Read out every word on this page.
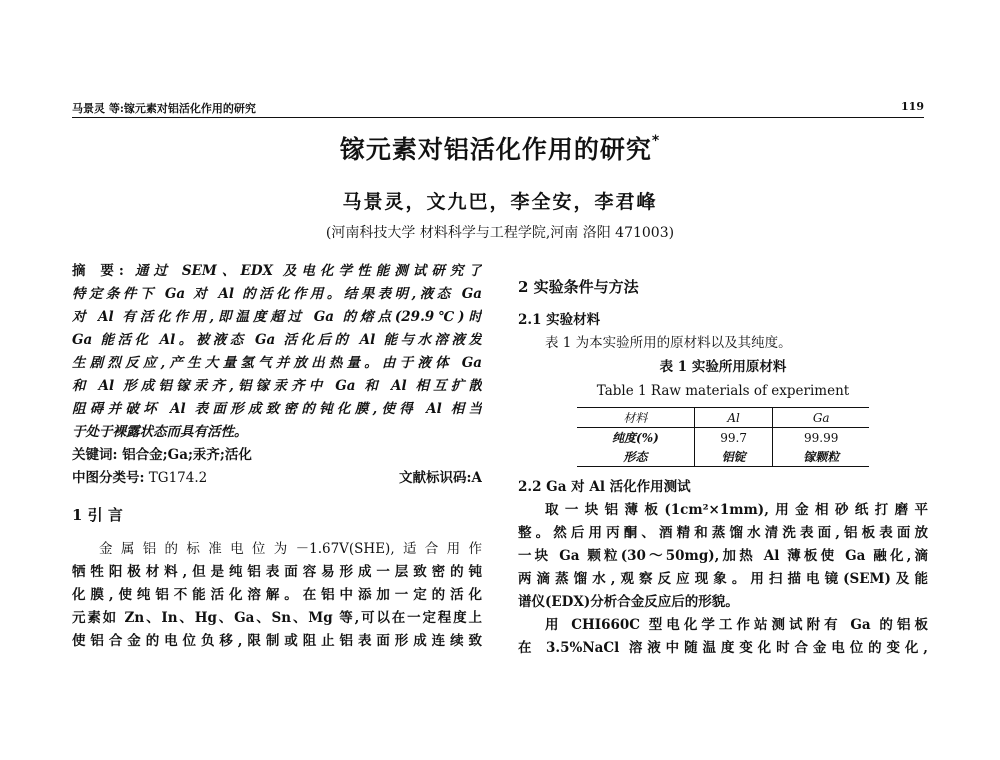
马景灵 等:镓元素对铝活化作用的研究	119
镓元素对铝活化作用的研究*
马景灵，文九巴，李全安，李君峰
(河南科技大学 材料科学与工程学院,河南 洛阳 471003)
摘 要: 通过 SEM、EDX 及电化学性能测试研究了
特定条件下 Ga 对 Al 的活化作用。结果表明,液态 Ga
对 Al 有活化作用,即温度超过 Ga 的熔点(29.9℃)时
Ga 能活化 Al。被液态 Ga 活化后的 Al 能与水溶液发
生剧烈反应,产生大量氢气并放出热量。由于液体 Ga
和 Al 形成铝镓汞齐,铝镓汞齐中 Ga 和 Al 相互扩散
阻碍并破坏 Al 表面形成致密的钝化膜,使得 Al 相当
于处于裸露状态而具有活性。
关键词: 铝合金;Ga;汞齐;活化
中图分类号: TG174.2	文献标识码:A
1 引 言
金属铝的标准电位为－1.67V(SHE),适合用作
牺牲阳极材料,但是纯铝表面容易形成一层致密的钝
化膜,使纯铝不能活化溶解。在铝中添加一定的活化
元素如 Zn、In、Hg、Ga、Sn、Mg 等,可以在一定程度上
使铝合金的电位负移,限制或阻止铝表面形成连续致
2 实验条件与方法
2.1 实验材料
表 1 为本实验所用的原材料以及其纯度。
表 1 实验所用原材料
Table 1 Raw materials of experiment
材料	Al	Ga
纯度(%)	99.7	99.99
形态	铝锭	镓颗粒
2.2 Ga 对 Al 活化作用测试
取一块铝薄板(1cm²×1mm),用金相砂纸打磨平
整。然后用丙酮、酒精和蒸馏水清洗表面,铝板表面放
一块 Ga 颗粒(30～50mg),加热 Al 薄板使 Ga 融化,滴
两滴蒸馏水,观察反应现象。用扫描电镜(SEM)及能
谱仪(EDX)分析合金反应后的形貌。
用 CHI660C 型电化学工作站测试附有 Ga 的铝板
在 3.5%NaCl 溶液中随温度变化时合金电位的变化,
